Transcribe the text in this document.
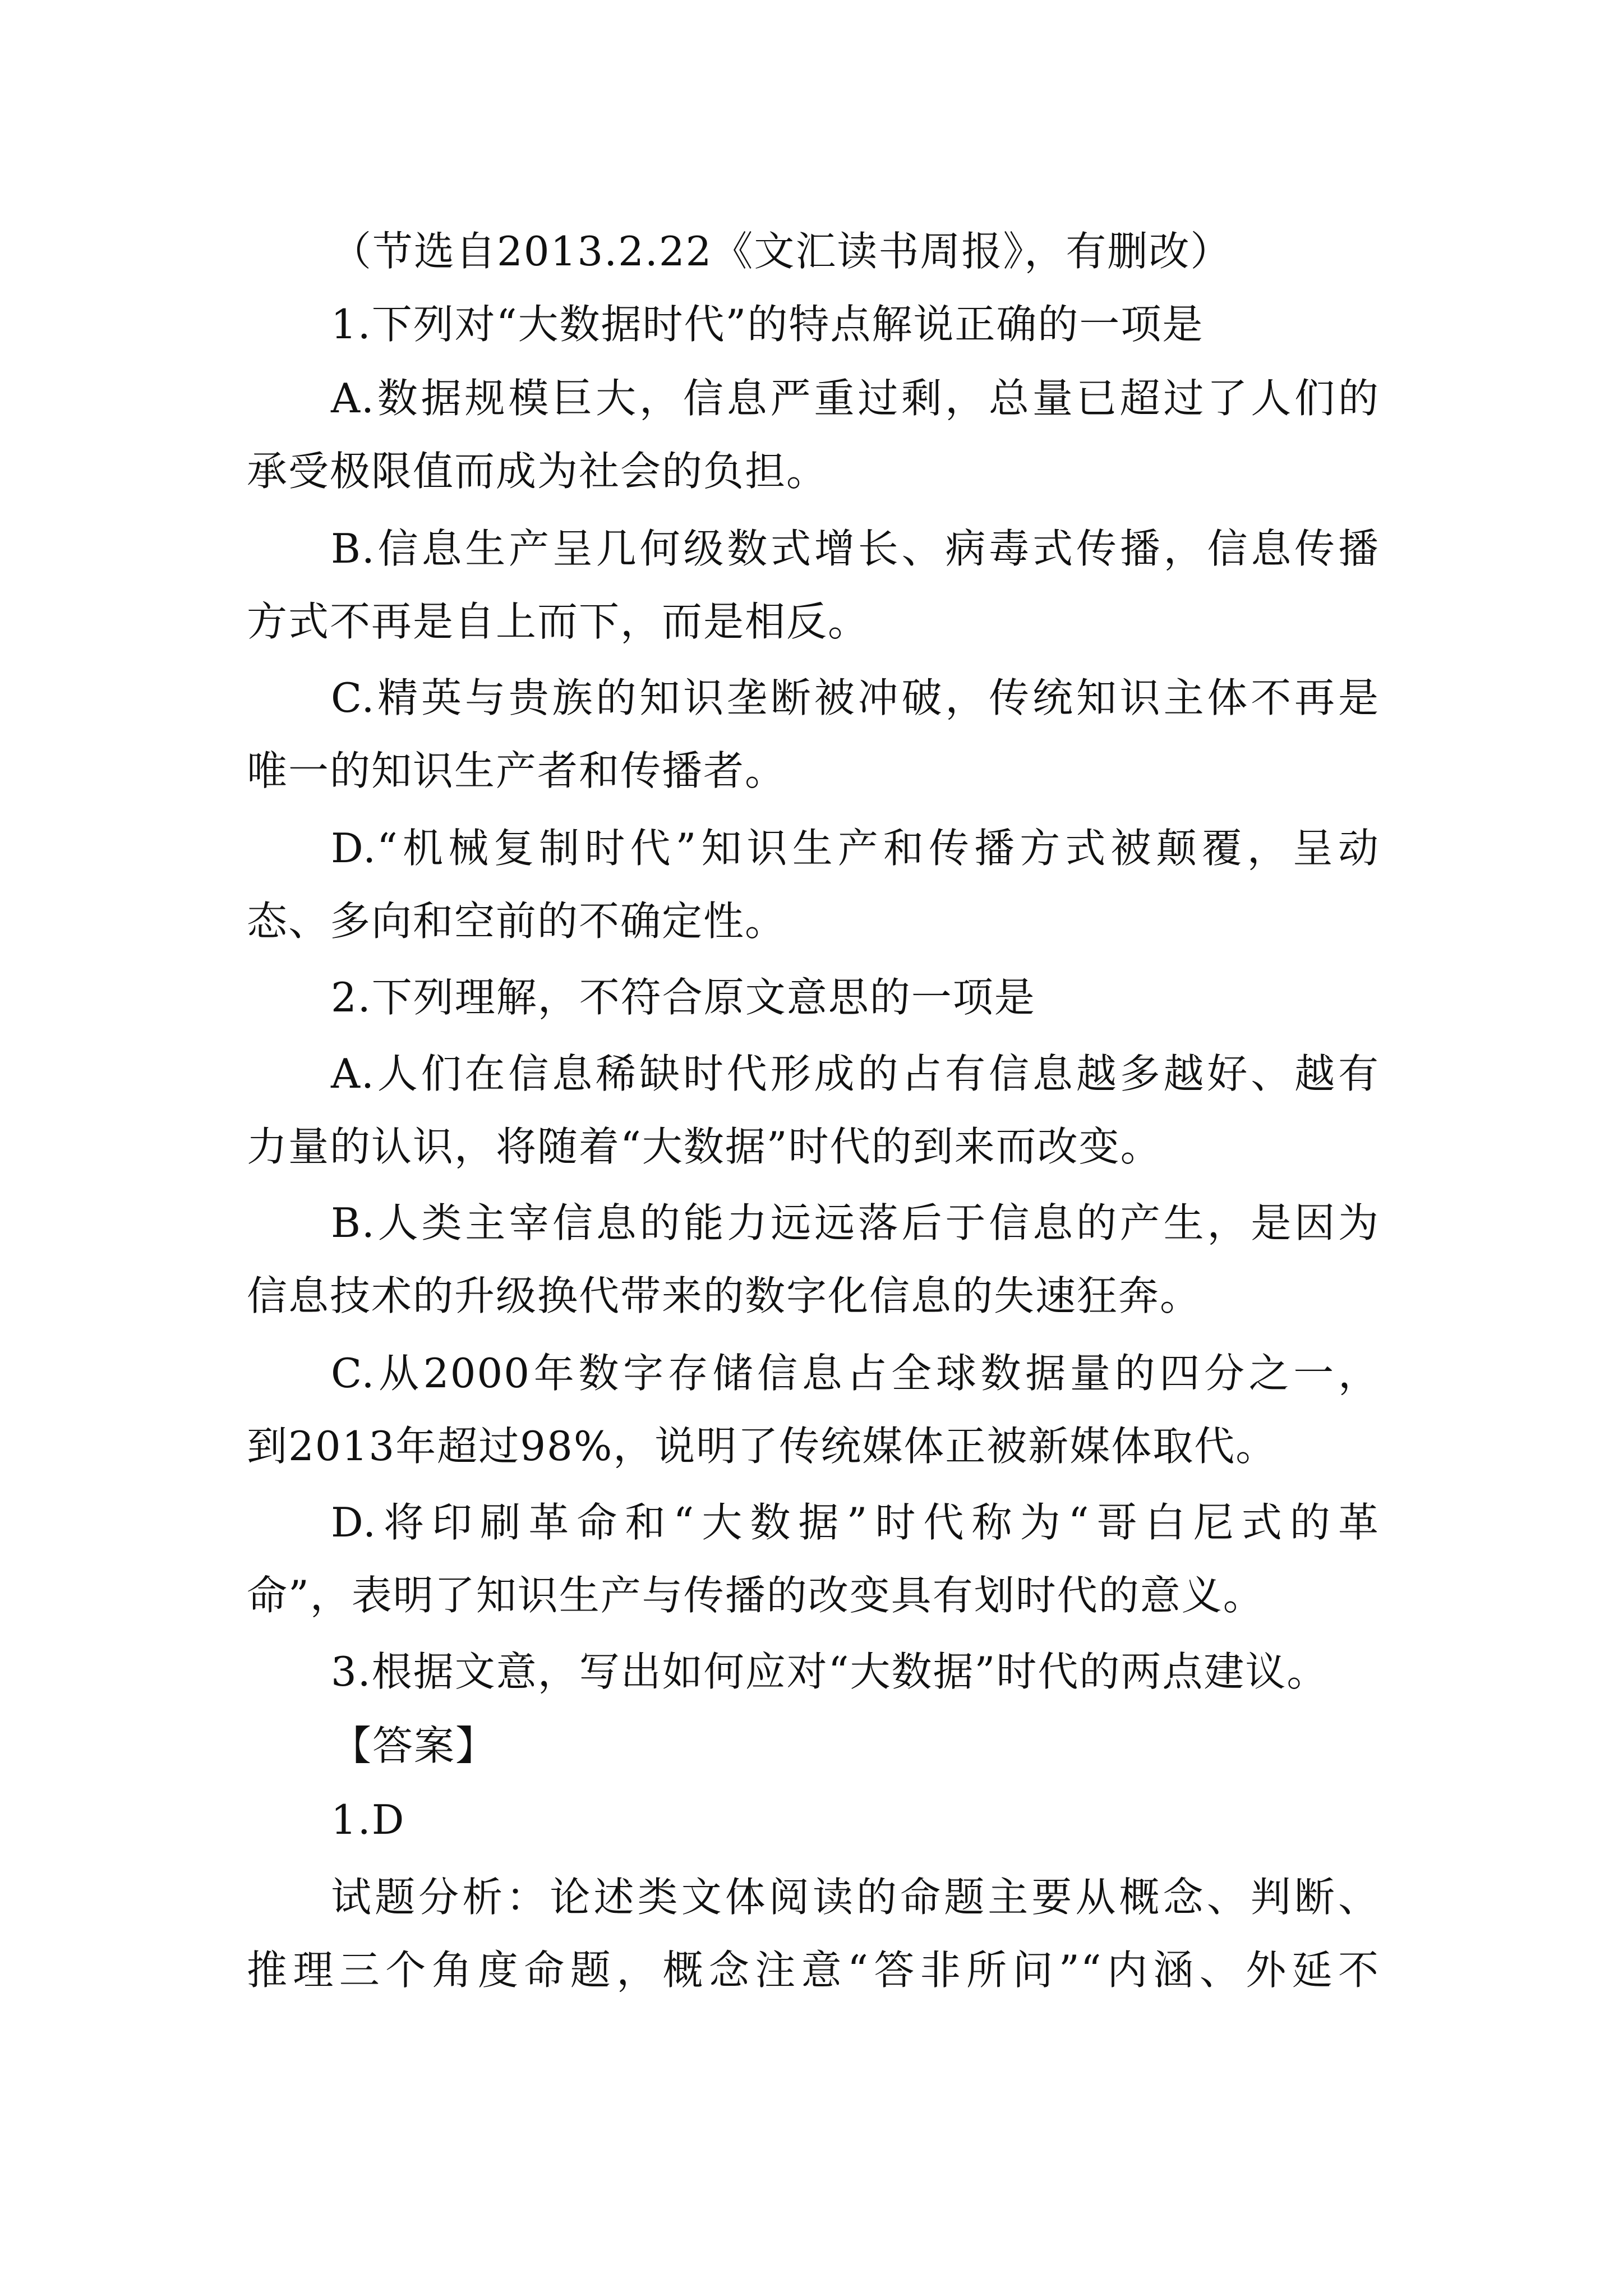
（节选自2013.2.22《文汇读书周报》，有删改）
1.下列对“大数据时代”的特点解说正确的一项是
A.数据规模巨大，信息严重过剩，总量已超过了人们的
承受极限值而成为社会的负担。
B.信息生产呈几何级数式增长、病毒式传播，信息传播
方式不再是自上而下，而是相反。
C.精英与贵族的知识垄断被冲破，传统知识主体不再是
唯一的知识生产者和传播者。
D.“机械复制时代”知识生产和传播方式被颠覆，呈动
态、多向和空前的不确定性。
2.下列理解，不符合原文意思的一项是
A.人们在信息稀缺时代形成的占有信息越多越好、越有
力量的认识，将随着“大数据”时代的到来而改变。
B.人类主宰信息的能力远远落后于信息的产生，是因为
信息技术的升级换代带来的数字化信息的失速狂奔。
C.从2000年数字存储信息占全球数据量的四分之一，
到2013年超过98%，说明了传统媒体正被新媒体取代。
D.将印刷革命和“大数据”时代称为“哥白尼式的革
命”，表明了知识生产与传播的改变具有划时代的意义。
3.根据文意，写出如何应对“大数据”时代的两点建议。
【答案】
1.D
试题分析：论述类文体阅读的命题主要从概念、判断、
推理三个角度命题，概念注意“答非所问”“内涵、外延不
